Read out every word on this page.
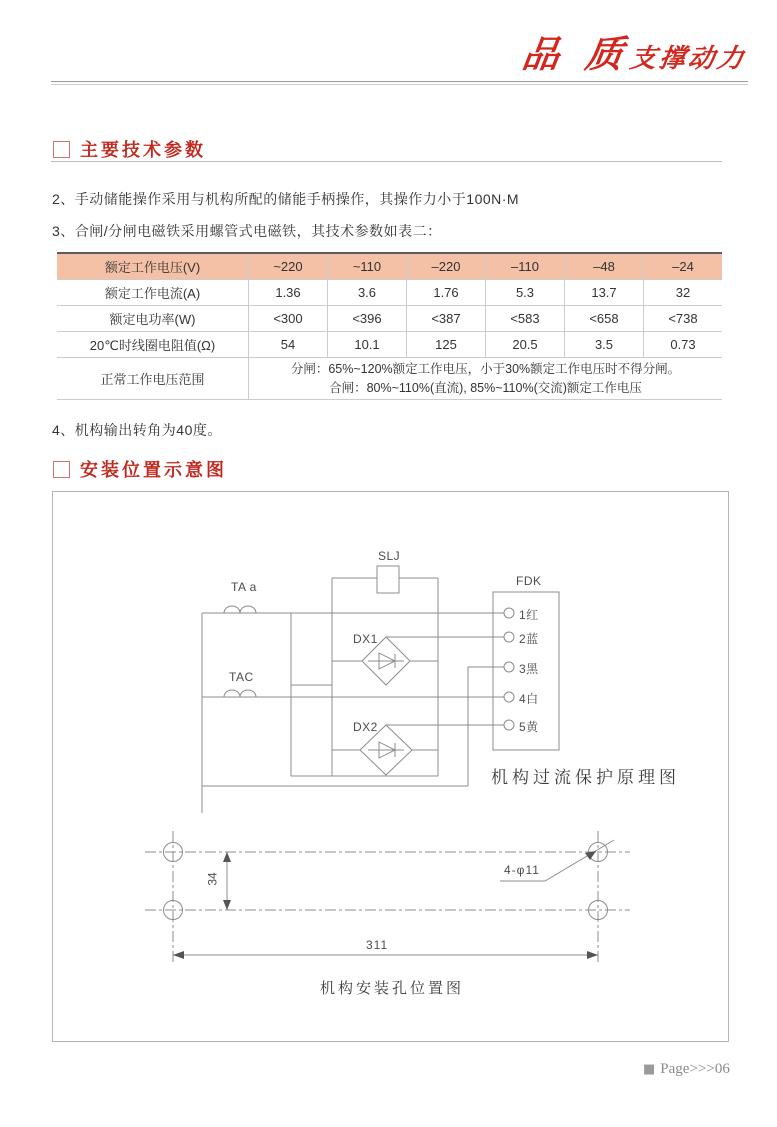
品 质
支撑动力
主要技术参数
2、手动储能操作采用与机构所配的储能手柄操作，其操作力小于100N·M
3、合闸/分闸电磁铁采用螺管式电磁铁，其技术参数如表二：
额定工作电压(V)	~220	~110	–220	–110	–48	–24
额定工作电流(A)	1.36	3.6	1.76	5.3	13.7	32
额定电功率(W)	<300	<396	<387	<583	<658	<738
20℃时线圈电阻值(Ω)	54	10.1	125	20.5	3.5	0.73
正常工作电压范围
分闸：65%~120%额定工作电压，小于30%额定工作电压时不得分闸。
合闸：80%~110%(直流), 85%~110%(交流)额定工作电压
4、机构输出转角为40度。
安装位置示意图
TA a
TAC
SLJ
FDK
DX1
DX2
1红
2蓝
3黑
4白
5黄
机构过流保护原理图
机构安装孔位置图
34
311
4-φ11
■ Page>>>06
